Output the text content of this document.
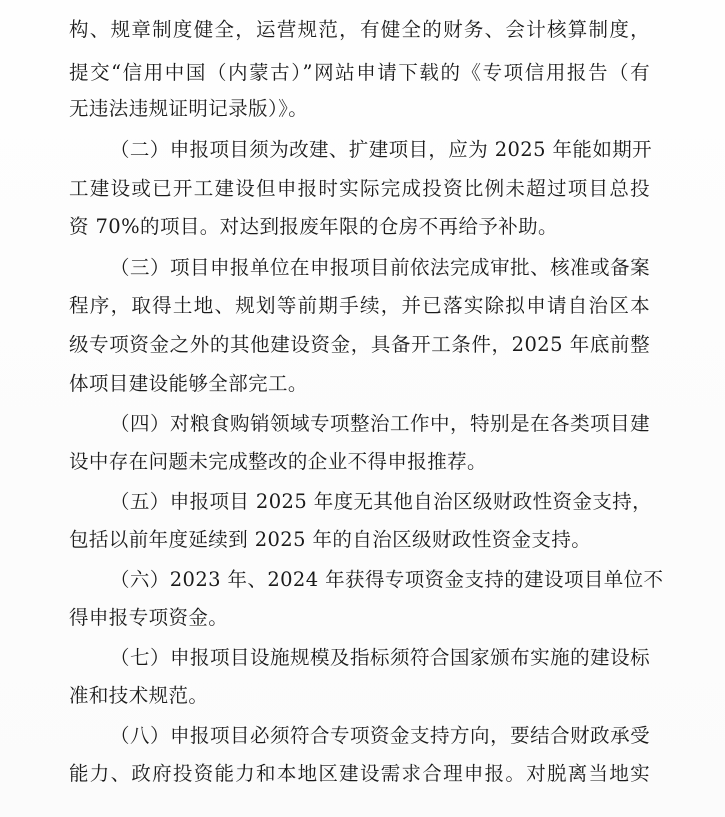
构、规章制度健全，运营规范，有健全的财务、会计核算制度，
提交“信用中国（内蒙古）”网站申请下载的《专项信用报告（有
无违法违规证明记录版）》。
（二）申报项目须为改建、扩建项目，应为 2025 年能如期开
工建设或已开工建设但申报时实际完成投资比例未超过项目总投
资 70%的项目。对达到报废年限的仓房不再给予补助。
（三）项目申报单位在申报项目前依法完成审批、核准或备案
程序，取得土地、规划等前期手续，并已落实除拟申请自治区本
级专项资金之外的其他建设资金，具备开工条件，2025 年底前整
体项目建设能够全部完工。
（四）对粮食购销领域专项整治工作中，特别是在各类项目建
设中存在问题未完成整改的企业不得申报推荐。
（五）申报项目 2025 年度无其他自治区级财政性资金支持，
包括以前年度延续到 2025 年的自治区级财政性资金支持。
（六）2023 年、2024 年获得专项资金支持的建设项目单位不
得申报专项资金。
（七）申报项目设施规模及指标须符合国家颁布实施的建设标
准和技术规范。
（八）申报项目必须符合专项资金支持方向，要结合财政承受
能力、政府投资能力和本地区建设需求合理申报。对脱离当地实
